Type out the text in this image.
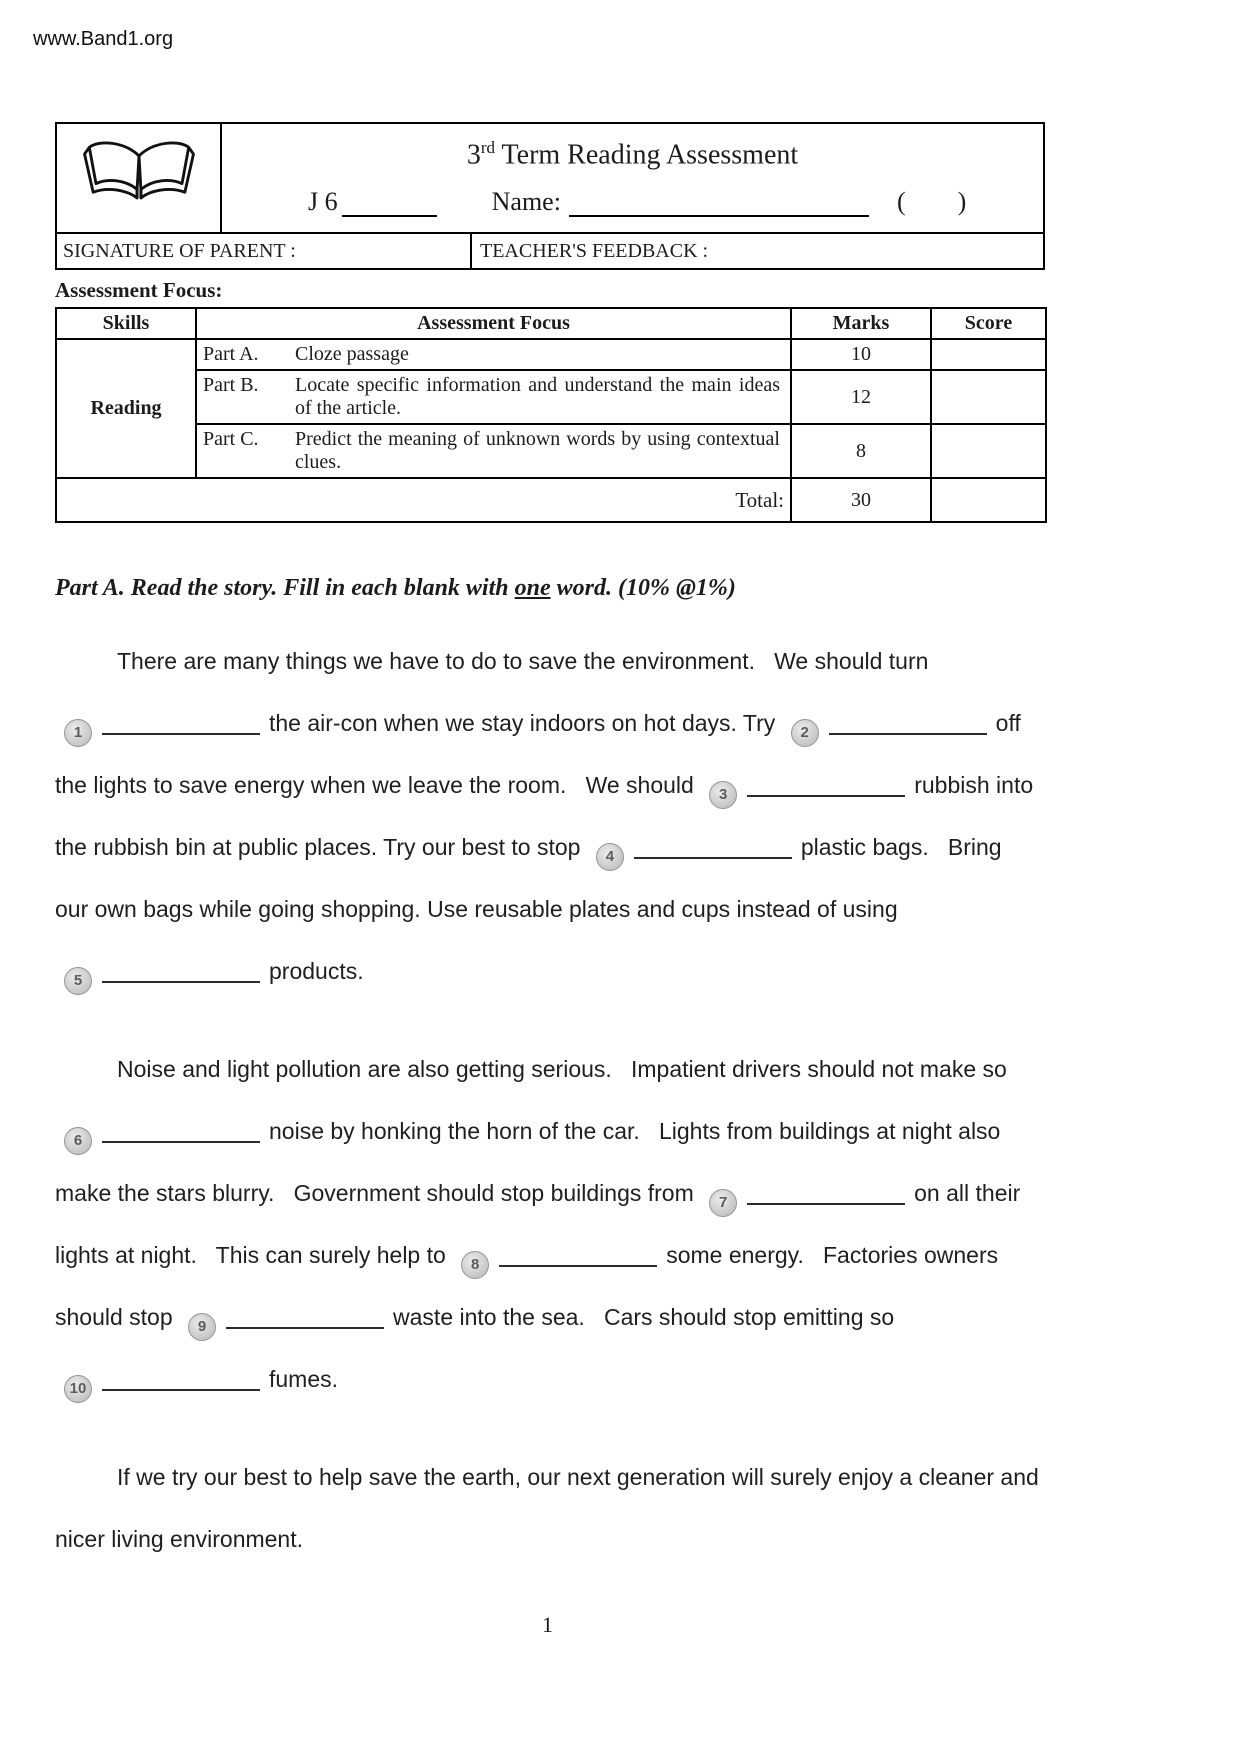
www.Band1.org
3rd Term Reading Assessment
J 6	Name:	( )
SIGNATURE OF PARENT :	TEACHER'S FEEDBACK :
Assessment Focus:
Skills	Assessment Focus	Marks	Score
Reading	Part A. Cloze passage	10	

	Part B. Locate specific information and understand the main ideas of the article.	12	

	Part C. Predict the meaning of unknown words by using contextual clues.	8	
Total:		30	
Part A. Read the story. Fill in each blank with one word. (10% @1%)

There are many things we have to do to save the environment.   We should turn 1	the air-con when we stay indoors on hot days. Try 2	off the lights to save energy when we leave the room.   We should 3	rubbish into the rubbish bin at public places. Try our best to stop 4	plastic bags.   Bring our own bags while going shopping. Use reusable plates and cups instead of using 5	products.

Noise and light pollution are also getting serious.   Impatient drivers should not make so 6	noise by honking the horn of the car.   Lights from buildings at night also make the stars blurry.   Government should stop buildings from 7	on all their lights at night.   This can surely help to 8	some energy.   Factories owners should stop 9	waste into the sea.   Cars should stop emitting so 10	fumes.

If we try our best to help save the earth, our next generation will surely enjoy a cleaner and nicer living environment.

1
